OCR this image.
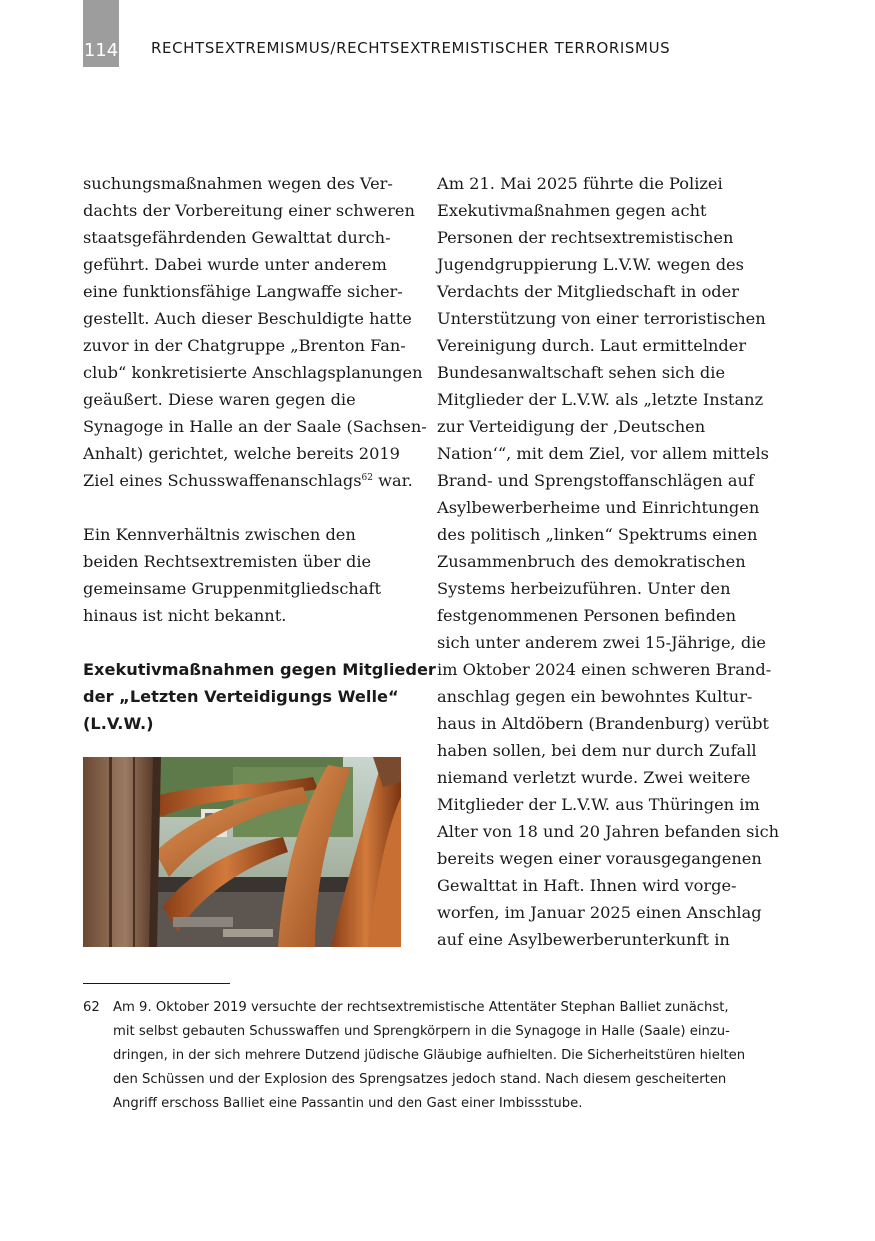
114 RECHTSEXTREMISMUS/RECHTSEXTREMISTISCHER TERRORISMUS
suchungsmaßnahmen wegen des Ver-
dachts der Vorbereitung einer schweren
staatsgefährdenden Gewalttat durch-
geführt. Dabei wurde unter anderem
eine funktionsfähige Langwaffe sicher-
gestellt. Auch dieser Beschuldigte hatte
zuvor in der Chatgruppe „Brenton Fan-
club“ konkretisierte Anschlagsplanungen
geäußert. Diese waren gegen die
Synagoge in Halle an der Saale (Sachsen-
Anhalt) gerichtet, welche bereits 2019
Ziel eines Schusswaffenanschlags$^{62}$ war.
Ein Kennverhältnis zwischen den
beiden Rechtsextremisten über die
gemeinsame Gruppenmitgliedschaft
hinaus ist nicht bekannt.
Exekutivmaßnahmen gegen Mitglieder
der „Letzten Verteidigungs Welle“
(L.V.W.)
Am 21. Mai 2025 führte die Polizei
Exekutivmaßnahmen gegen acht
Personen der rechtsextremistischen
Jugendgruppierung L.V.W. wegen des
Verdachts der Mitgliedschaft in oder
Unterstützung von einer terroristischen
Vereinigung durch. Laut ermittelnder
Bundesanwaltschaft sehen sich die
Mitglieder der L.V.W. als „letzte Instanz
zur Verteidigung der ‚Deutschen
Nation‘“, mit dem Ziel, vor allem mittels
Brand- und Sprengstoffanschlägen auf
Asylbewerberheime und Einrichtungen
des politisch „linken“ Spektrums einen
Zusammenbruch des demokratischen
Systems herbeizuführen. Unter den
festgenommenen Personen befinden
sich unter anderem zwei 15-Jährige, die
im Oktober 2024 einen schweren Brand-
anschlag gegen ein bewohntes Kultur-
haus in Altdöbern (Brandenburg) verübt
haben sollen, bei dem nur durch Zufall
niemand verletzt wurde. Zwei weitere
Mitglieder der L.V.W. aus Thüringen im
Alter von 18 und 20 Jahren befanden sich
bereits wegen einer vorausgegangenen
Gewalttat in Haft. Ihnen wird vorge-
worfen, im Januar 2025 einen Anschlag
auf eine Asylbewerberunterkunft in
62 Am 9. Oktober 2019 versuchte der rechtsextremistische Attentäter Stephan Balliet zunächst,
mit selbst gebauten Schusswaffen und Sprengkörpern in die Synagoge in Halle (Saale) einzu-
dringen, in der sich mehrere Dutzend jüdische Gläubige aufhielten. Die Sicherheitstüren hielten
den Schüssen und der Explosion des Sprengsatzes jedoch stand. Nach diesem gescheiterten
Angriff erschoss Balliet eine Passantin und den Gast einer Imbissstube.
